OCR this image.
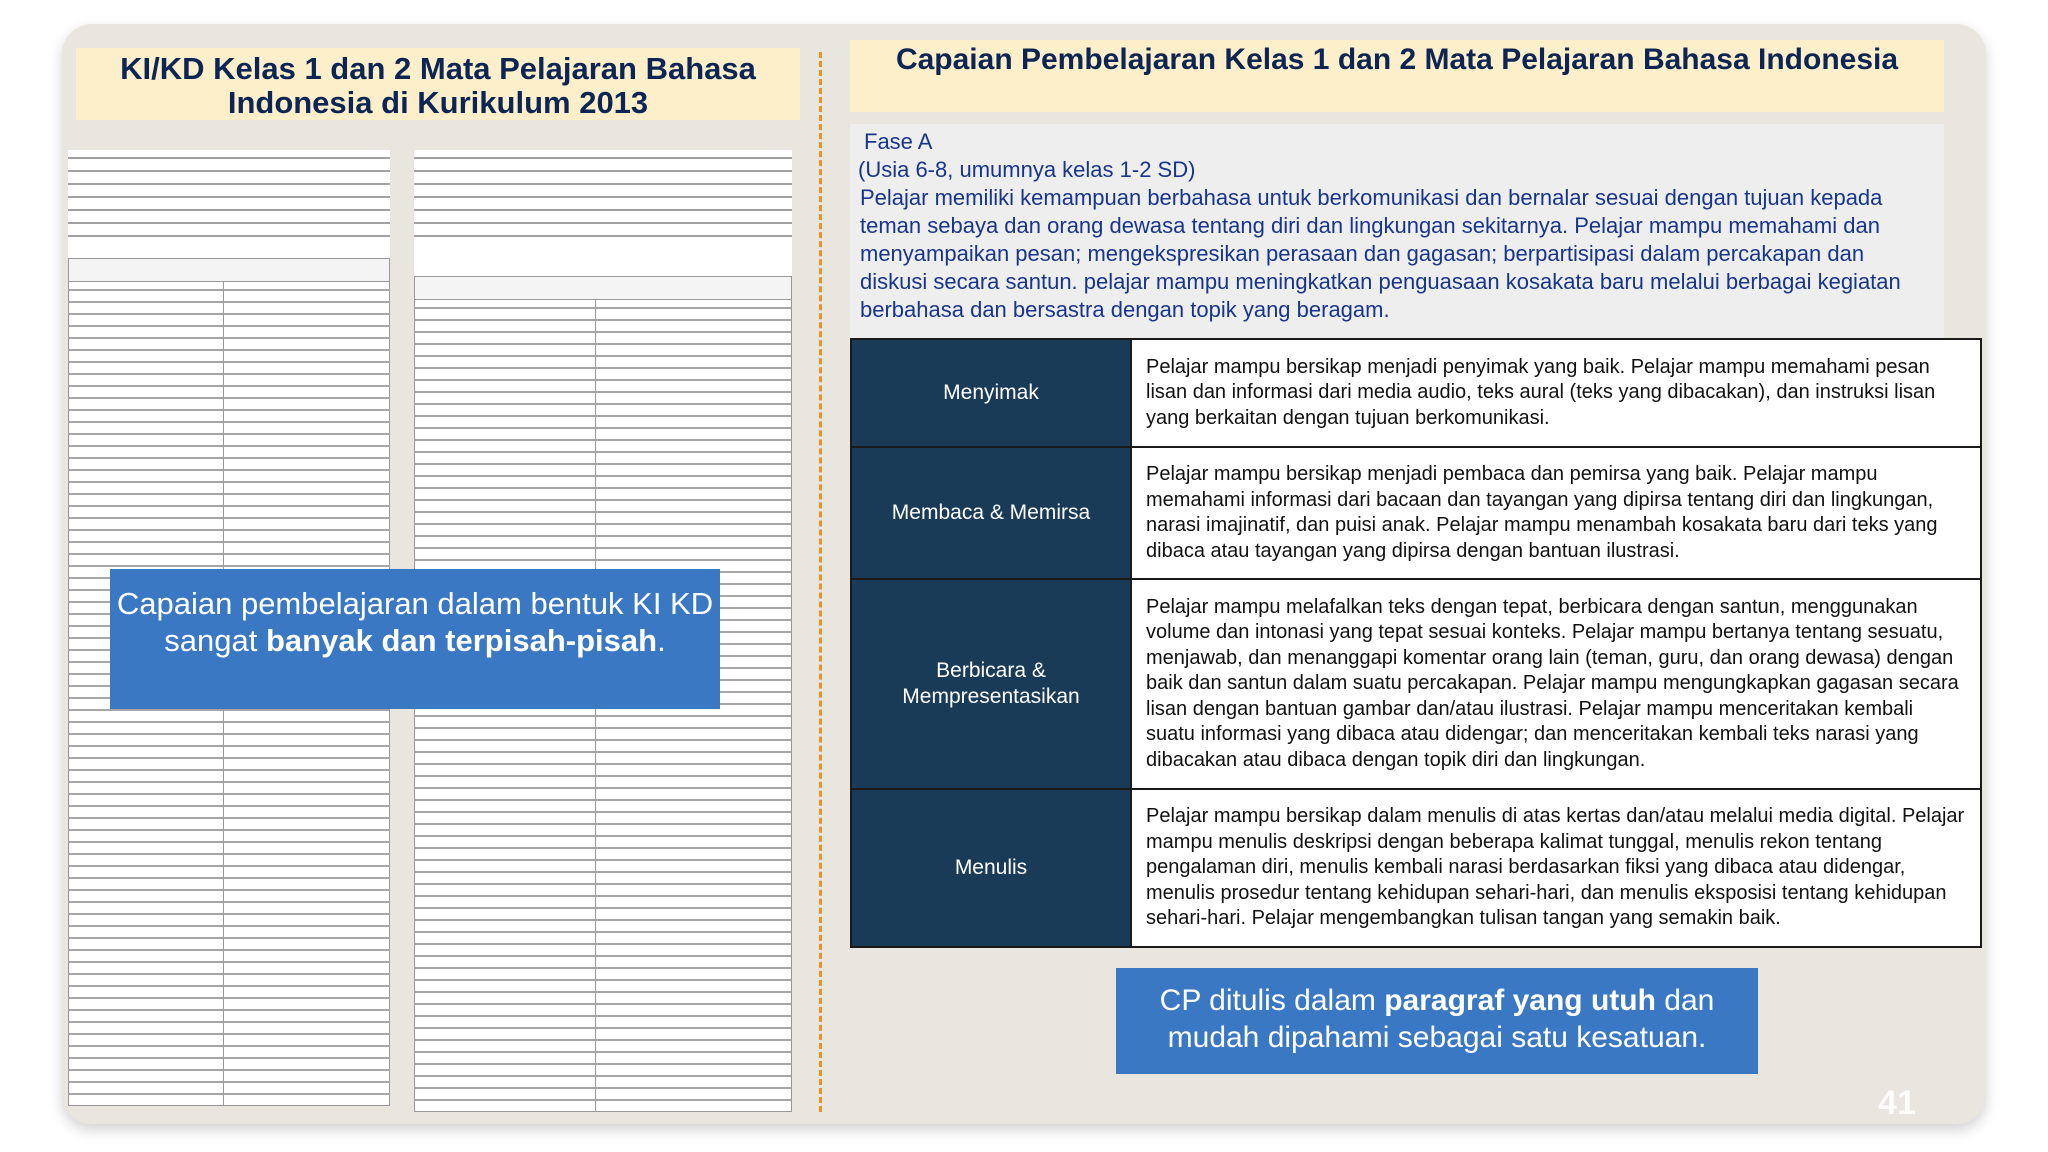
KI/KD Kelas 1 dan 2 Mata Pelajaran Bahasa Indonesia di Kurikulum 2013
Capaian Pembelajaran Kelas 1 dan 2 Mata Pelajaran Bahasa Indonesia
Capaian pembelajaran dalam bentuk KI KD sangat banyak dan terpisah-pisah.
Fase A
(Usia 6-8, umumnya kelas 1-2 SD)
Pelajar memiliki kemampuan berbahasa untuk berkomunikasi dan bernalar sesuai dengan tujuan kepada
teman sebaya dan orang dewasa tentang diri dan lingkungan sekitarnya. Pelajar mampu memahami dan
menyampaikan pesan; mengekspresikan perasaan dan gagasan; berpartisipasi dalam percakapan dan
diskusi secara santun. pelajar mampu meningkatkan penguasaan kosakata baru melalui berbagai kegiatan
berbahasa dan bersastra dengan topik yang beragam.
Menyimak	Pelajar mampu bersikap menjadi penyimak yang baik. Pelajar mampu memahami pesan lisan dan informasi dari media audio, teks aural (teks yang dibacakan), dan instruksi lisan yang berkaitan dengan tujuan berkomunikasi.
Membaca & Memirsa	Pelajar mampu bersikap menjadi pembaca dan pemirsa yang baik. Pelajar mampu memahami informasi dari bacaan dan tayangan yang dipirsa tentang diri dan lingkungan, narasi imajinatif, dan puisi anak. Pelajar mampu menambah kosakata baru dari teks yang dibaca atau tayangan yang dipirsa dengan bantuan ilustrasi.
Berbicara & Mempresentasikan	Pelajar mampu melafalkan teks dengan tepat, berbicara dengan santun, menggunakan volume dan intonasi yang tepat sesuai konteks. Pelajar mampu bertanya tentang sesuatu, menjawab, dan menanggapi komentar orang lain (teman, guru, dan orang dewasa) dengan baik dan santun dalam suatu percakapan. Pelajar mampu mengungkapkan gagasan secara lisan dengan bantuan gambar dan/atau ilustrasi. Pelajar mampu menceritakan kembali suatu informasi yang dibaca atau didengar; dan menceritakan kembali teks narasi yang dibacakan atau dibaca dengan topik diri dan lingkungan.
Menulis	Pelajar mampu bersikap dalam menulis di atas kertas dan/atau melalui media digital. Pelajar mampu menulis deskripsi dengan beberapa kalimat tunggal, menulis rekon tentang pengalaman diri, menulis kembali narasi berdasarkan fiksi yang dibaca atau didengar, menulis prosedur tentang kehidupan sehari-hari, dan menulis eksposisi tentang kehidupan sehari-hari. Pelajar mengembangkan tulisan tangan yang semakin baik.
CP ditulis dalam paragraf yang utuh dan mudah dipahami sebagai satu kesatuan.
41
